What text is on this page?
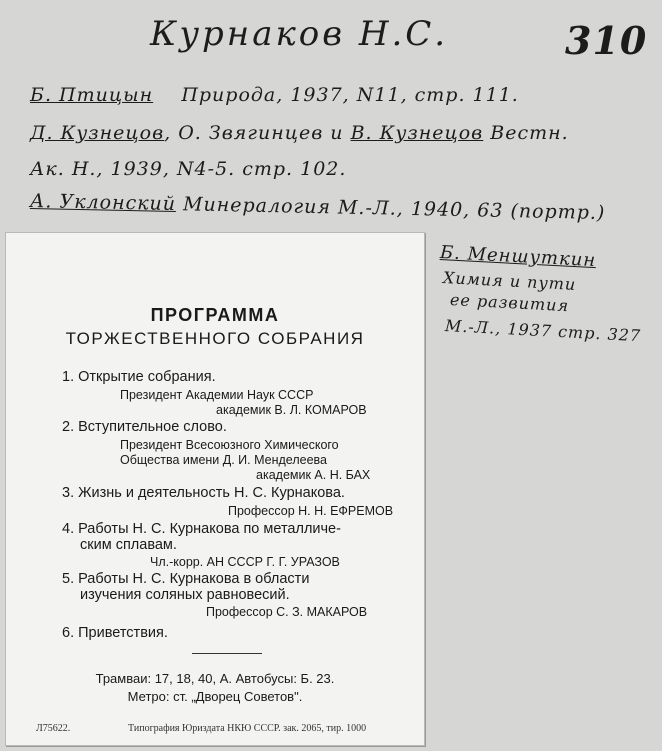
Курнаков Н.С.	310
Б. Птицын Природа, 1937, N11, стр. 111.
Д. Кузнецов, О. Звягинцев и В. Кузнецов Вестн.
Ак. Н., 1939, N4-5. стр. 102.
А. Уклонский Минералогия М.-Л., 1940, 63 (портр.)
Б. Меншуткин
Химия и пути
ее развития
М.-Л., 1937 стр. 327
ПРОГРАММА
ТОРЖЕСТВЕННОГО СОБРАНИЯ
1. Открытие собрания.
Президент Академии Наук СССР
академик В. Л. КОМАРОВ
2. Вступительное слово.
Президент Всесоюзного Химического
Общества имени Д. И. Менделеева
академик А. Н. БАХ
3. Жизнь и деятельность Н. С. Курнакова.
Профессор Н. Н. ЕФРЕМОВ
4. Работы Н. С. Курнакова по металличе-
ским сплавам.
Чл.-корр. АН СССР Г. Г. УРАЗОВ
5. Работы Н. С. Курнакова в области
изучения соляных равновесий.
Профессор С. З. МАКАРОВ
6. Приветствия.
Трамваи: 17, 18, 40, А. Автобусы: Б. 23.
Метро: ст. „Дворец Советов".
Л75622.	Типография Юриздата НКЮ СССР. зак. 2065, тир. 1000
